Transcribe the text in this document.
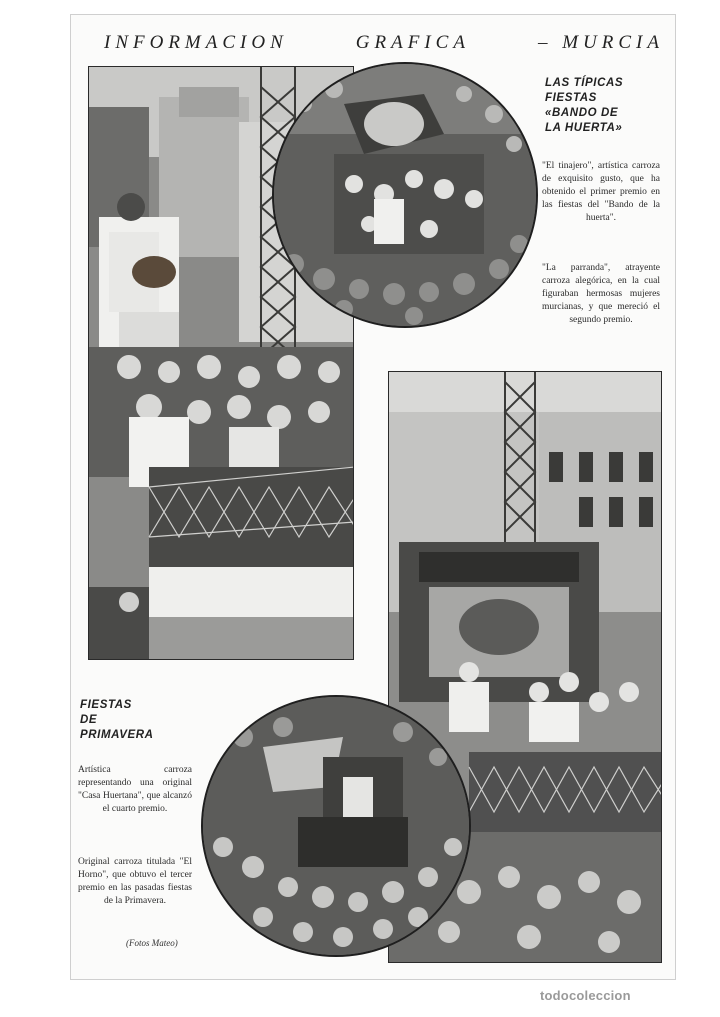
INFORMACION	GRAFICA	– MURCIA
LAS TÍPICAS
FIESTAS
«BANDO DE
LA HUERTA»
"El tinajero", artística carroza de exquisito gusto, que ha obtenido el primer premio en las fiestas del "Bando de la huerta".
"La parranda", atrayente carroza alegórica, en la cual figuraban hermosas mujeres murcianas, y que mereció el segundo premio.
FIESTAS
DE
PRIMAVERA
Artística carroza representando una original "Casa Huertana", que alcanzó el cuarto premio.
Original carroza titulada "El Horno", que obtuvo el tercer premio en las pasadas fiestas de la Primavera.
(Fotos Mateo)
todocoleccion
